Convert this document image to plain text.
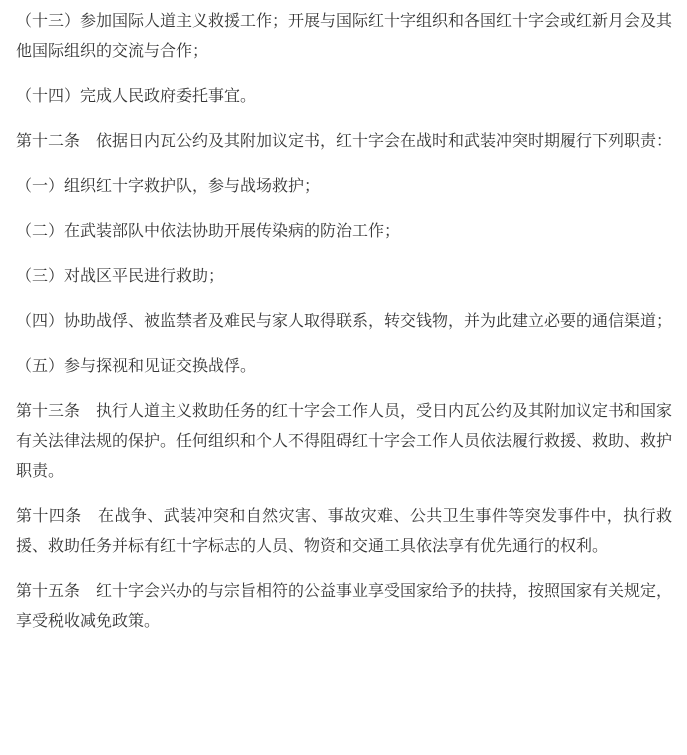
（十三）参加国际人道主义救援工作；开展与国际红十字组织和各国红十字会或红新月会及其他国际组织的交流与合作；

（十四）完成人民政府委托事宜。

第十二条　依据日内瓦公约及其附加议定书，红十字会在战时和武装冲突时期履行下列职责：

（一）组织红十字救护队，参与战场救护；

（二）在武装部队中依法协助开展传染病的防治工作；

（三）对战区平民进行救助；

（四）协助战俘、被监禁者及难民与家人取得联系，转交钱物，并为此建立必要的通信渠道；

（五）参与探视和见证交换战俘。

第十三条　执行人道主义救助任务的红十字会工作人员，受日内瓦公约及其附加议定书和国家有关法律法规的保护。任何组织和个人不得阻碍红十字会工作人员依法履行救援、救助、救护职责。

第十四条　在战争、武装冲突和自然灾害、事故灾难、公共卫生事件等突发事件中，执行救援、救助任务并标有红十字标志的人员、物资和交通工具依法享有优先通行的权利。

第十五条　红十字会兴办的与宗旨相符的公益事业享受国家给予的扶持，按照国家有关规定，享受税收减免政策。
